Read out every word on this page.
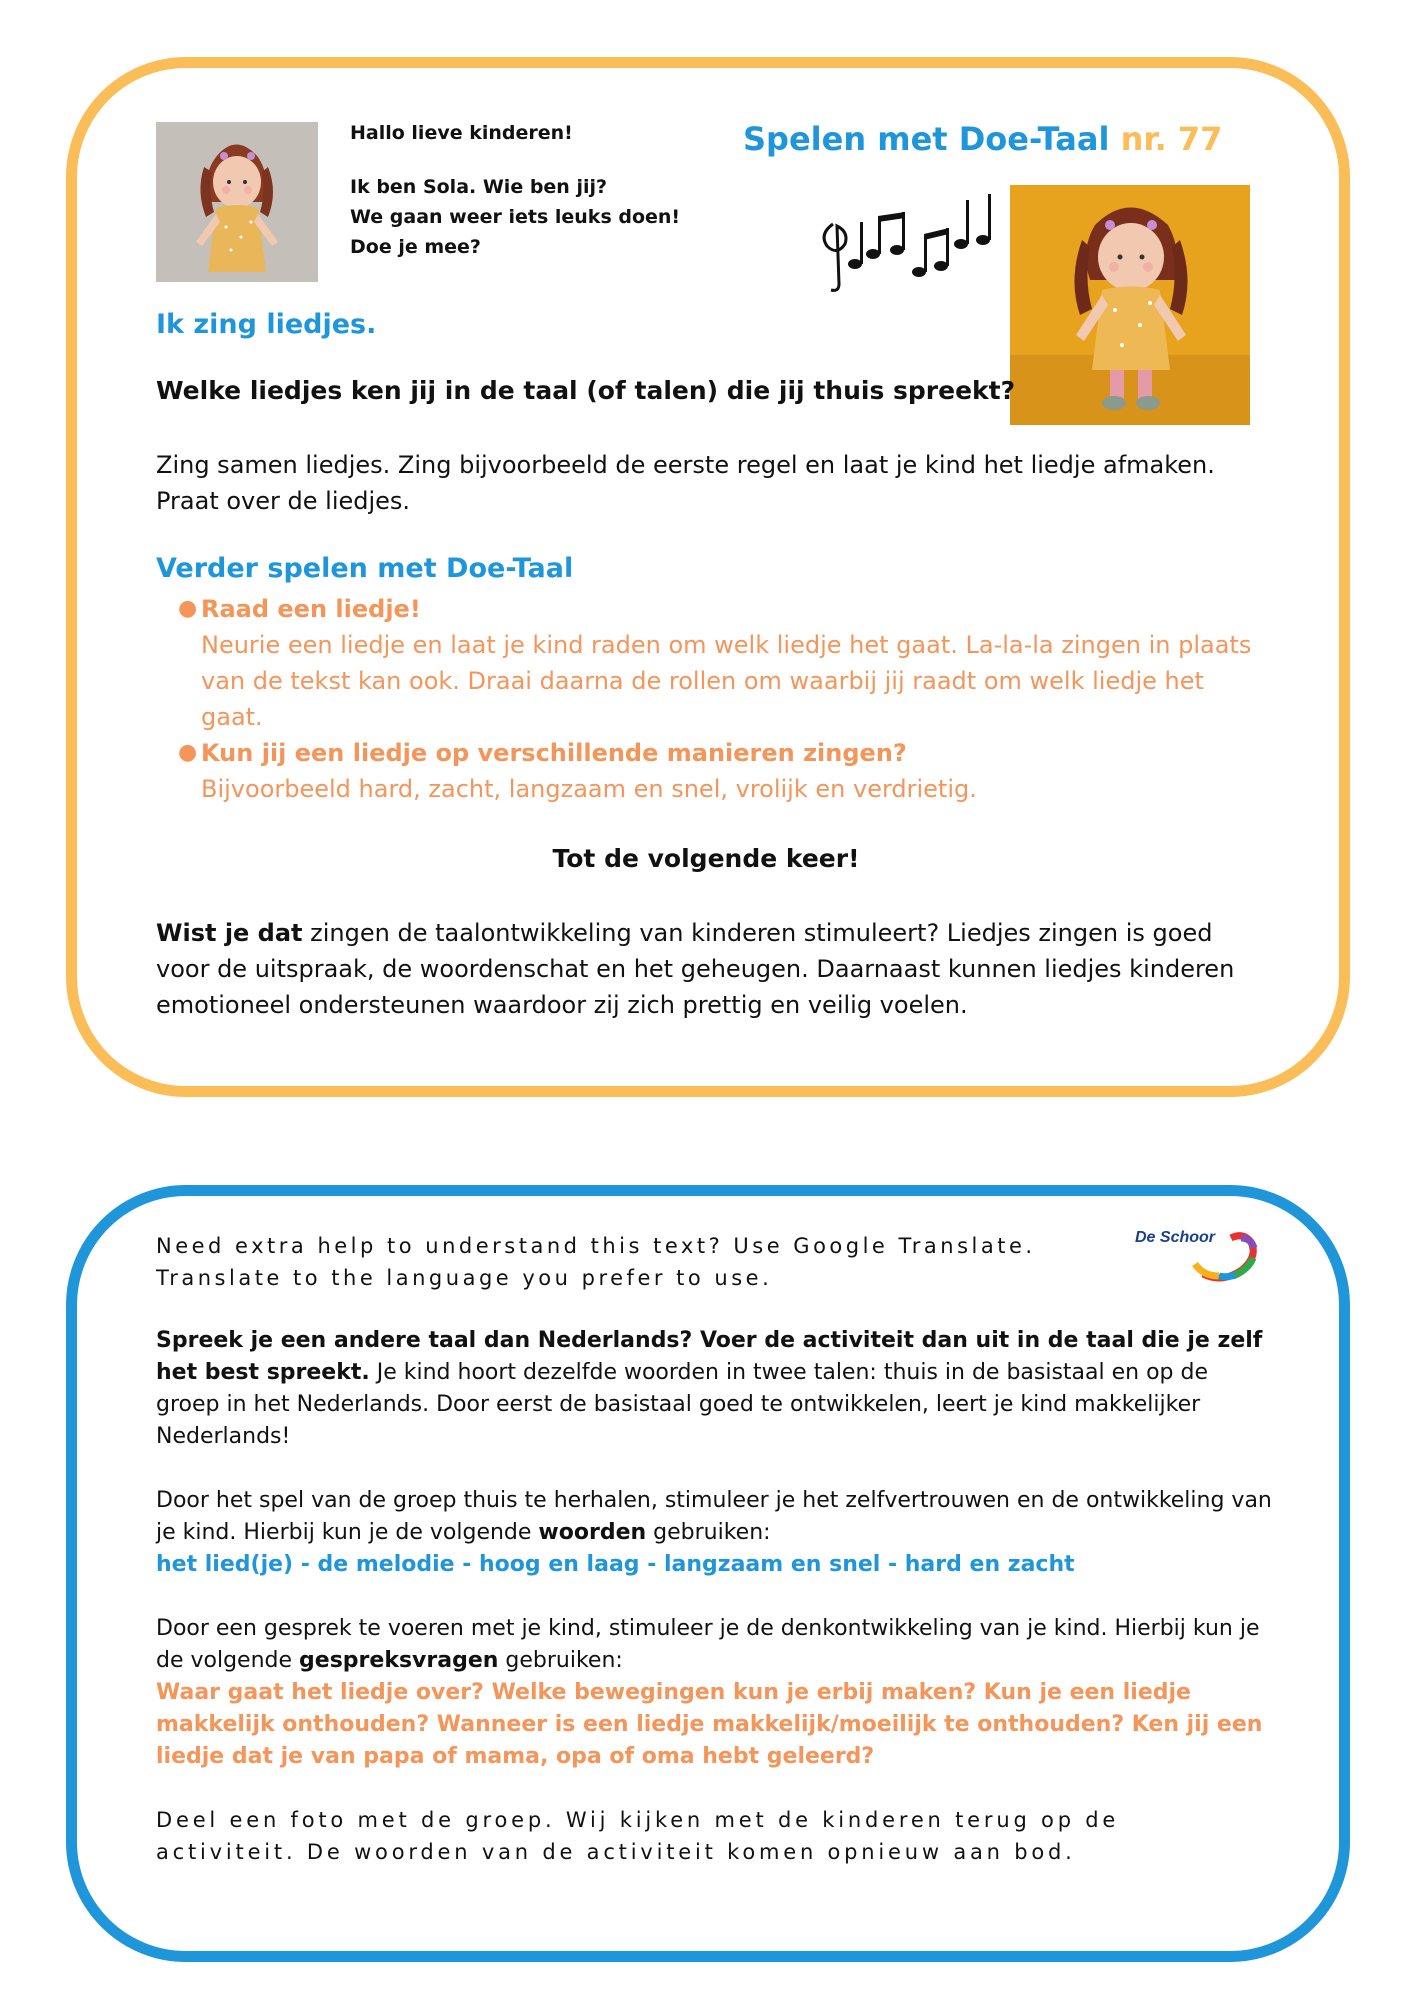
Hallo lieve kinderen!

Ik ben Sola. Wie ben jij?

We gaan weer iets leuks doen!

Doe je mee?

Spelen met Doe-Taal nr. 77
Ik zing liedjes.
Welke liedjes ken jij in de taal (of talen) die jij thuis spreekt?
Zing samen liedjes. Zing bijvoorbeeld de eerste regel en laat je kind het liedje afmaken. Praat over de liedjes.
Verder spelen met Doe-Taal
● Raad een liedje!
Neurie een liedje en laat je kind raden om welk liedje het gaat. La-la-la zingen in plaats van de tekst kan ook. Draai daarna de rollen om waarbij jij raadt om welk liedje het gaat.
● Kun jij een liedje op verschillende manieren zingen?
Bijvoorbeeld hard, zacht, langzaam en snel, vrolijk en verdrietig.
Tot de volgende keer!
Wist je dat zingen de taalontwikkeling van kinderen stimuleert? Liedjes zingen is goed voor de uitspraak, de woordenschat en het geheugen. Daarnaast kunnen liedjes kinderen emotioneel ondersteunen waardoor zij zich prettig en veilig voelen.
Need extra help to understand this text? Use Google Translate. Translate to the language you prefer to use.
De Schoor
Spreek je een andere taal dan Nederlands? Voer de activiteit dan uit in de taal die je zelf het best spreekt. Je kind hoort dezelfde woorden in twee talen: thuis in de basistaal en op de groep in het Nederlands. Door eerst de basistaal goed te ontwikkelen, leert je kind makkelijker Nederlands!
Door het spel van de groep thuis te herhalen, stimuleer je het zelfvertrouwen en de ontwikkeling van je kind. Hierbij kun je de volgende woorden gebruiken:
het lied(je) - de melodie - hoog en laag - langzaam en snel - hard en zacht
Door een gesprek te voeren met je kind, stimuleer je de denkontwikkeling van je kind. Hierbij kun je de volgende gespreksvragen gebruiken:
Waar gaat het liedje over? Welke bewegingen kun je erbij maken? Kun je een liedje makkelijk onthouden? Wanneer is een liedje makkelijk/moeilijk te onthouden? Ken jij een liedje dat je van papa of mama, opa of oma hebt geleerd?
Deel een foto met de groep. Wij kijken met de kinderen terug op de activiteit. De woorden van de activiteit komen opnieuw aan bod.
